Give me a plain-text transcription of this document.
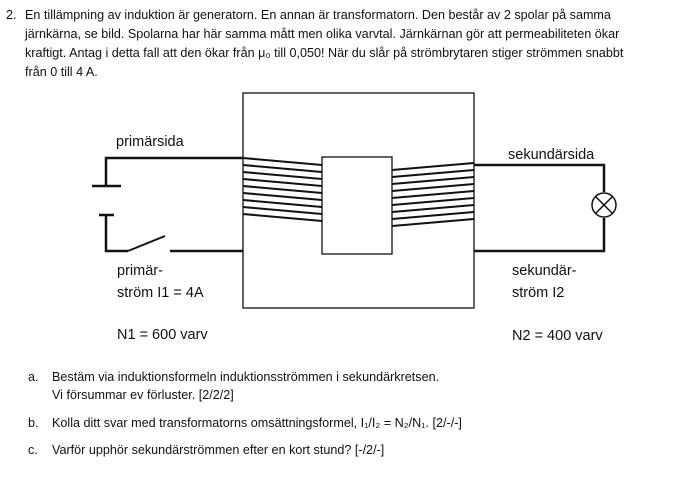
2. En tillämpning av induktion är generatorn. En annan är transformatorn. Den består av 2 spolar på samma
järnkärna, se bild. Spolarna har här samma mått men olika varvtal. Järnkärnan gör att permeabiliteten ökar
kraftigt. Antag i detta fall att den ökar från μ₀ till 0,050! När du slår på strömbrytaren stiger strömmen snabbt
från 0 till 4 A.
primärsida
sekundärsida
primär-
ström I1 = 4A
sekundär-
ström I2
N1 = 600 varv	N2 = 400 varv
a. Bestäm via induktionsformeln induktionsströmmen i sekundärkretsen.
Vi försummar ev förluster. [2/2/2]
b. Kolla ditt svar med transformatorns omsättningsformel, I₁/I₂ = N₂/N₁. [2/-/-]
c. Varför upphör sekundärströmmen efter en kort stund? [-/2/-]
